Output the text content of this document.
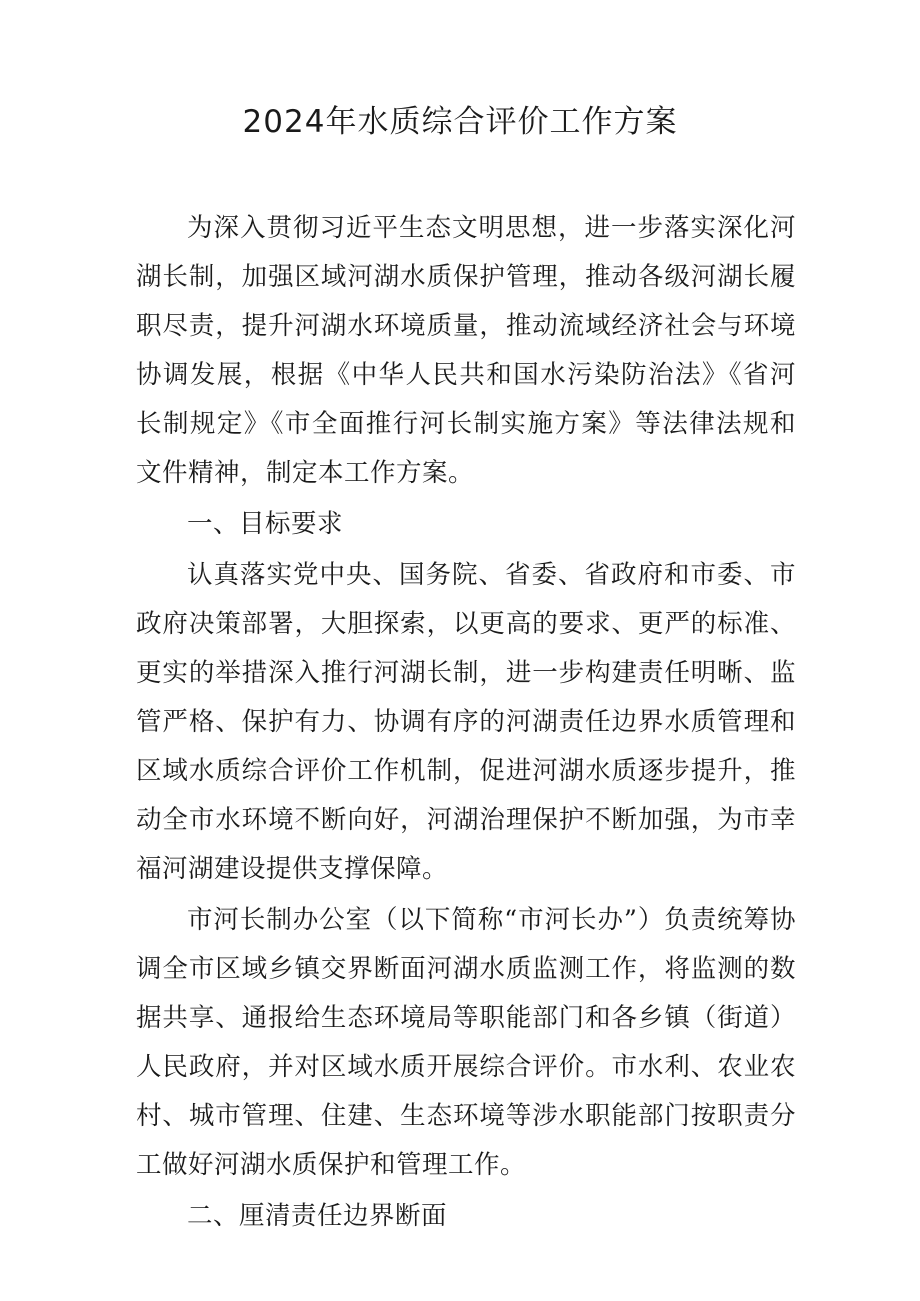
2024年水质综合评价工作方案

为深入贯彻习近平生态文明思想，进一步落实深化河湖长制，加强区域河湖水质保护管理，推动各级河湖长履职尽责，提升河湖水环境质量，推动流域经济社会与环境协调发展，根据《中华人民共和国水污染防治法》《省河长制规定》《市全面推行河长制实施方案》等法律法规和文件精神，制定本工作方案。

一、目标要求

认真落实党中央、国务院、省委、省政府和市委、市政府决策部署，大胆探索，以更高的要求、更严的标准、更实的举措深入推行河湖长制，进一步构建责任明晰、监管严格、保护有力、协调有序的河湖责任边界水质管理和区域水质综合评价工作机制，促进河湖水质逐步提升，推动全市水环境不断向好，河湖治理保护不断加强，为市幸福河湖建设提供支撑保障。

市河长制办公室（以下简称“市河长办”）负责统筹协调全市区域乡镇交界断面河湖水质监测工作，将监测的数据共享、通报给生态环境局等职能部门和各乡镇（街道）人民政府，并对区域水质开展综合评价。市水利、农业农村、城市管理、住建、生态环境等涉水职能部门按职责分工做好河湖水质保护和管理工作。

二、厘清责任边界断面
